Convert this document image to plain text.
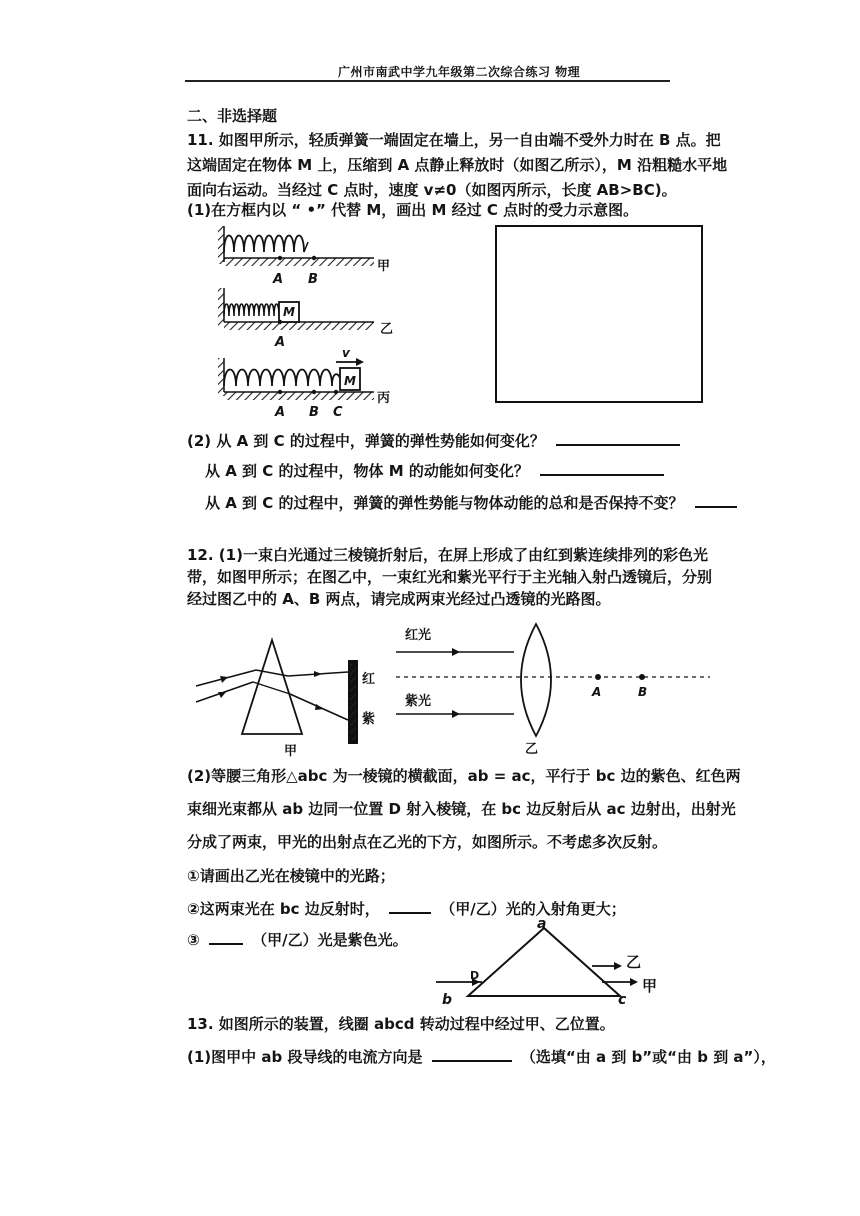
广州市南武中学九年级第二次综合练习 物理
二、非选择题
11. 如图甲所示，轻质弹簧一端固定在墙上，另一自由端不受外力时在 B 点。把
这端固定在物体 M 上，压缩到 A 点静止释放时（如图乙所示），M 沿粗糙水平地
面向右运动。当经过 C 点时，速度 v≠0（如图丙所示，长度 AB>BC)。
(1)在方框内以 “ •” 代替 M，画出 M 经过 C 点时的受力示意图。
A B
甲
M
A
乙
v
M
A B C
丙
(2) 从 A 到 C 的过程中，弹簧的弹性势能如何变化？
从 A 到 C 的过程中，物体 M 的动能如何变化？
从 A 到 C 的过程中，弹簧的弹性势能与物体动能的总和是否保持不变？
12. (1)一束白光通过三棱镜折射后，在屏上形成了由红到紫连续排列的彩色光
带，如图甲所示；在图乙中，一束红光和紫光平行于主光轴入射凸透镜后，分别
经过图乙中的 A、B 两点，请完成两束光经过凸透镜的光路图。
红
紫
甲
红光
紫光
A	B
乙
(2)等腰三角形△abc 为一棱镜的横截面，ab = ac，平行于 bc 边的紫色、红色两
束细光束都从 ab 边同一位置 D 射入棱镜，在 bc 边反射后从 ac 边射出，出射光
分成了两束，甲光的出射点在乙光的下方，如图所示。不考虑多次反射。
①请画出乙光在棱镜中的光路；
②这两束光在 bc 边反射时，	（甲/乙）光的入射角更大；
③	（甲/乙）光是紫色光。
a
b	c
D
乙
甲
13. 如图所示的装置，线圈 abcd 转动过程中经过甲、乙位置。
(1)图甲中 ab 段导线的电流方向是	（选填“由 a 到 b”或“由 b 到 a”），
